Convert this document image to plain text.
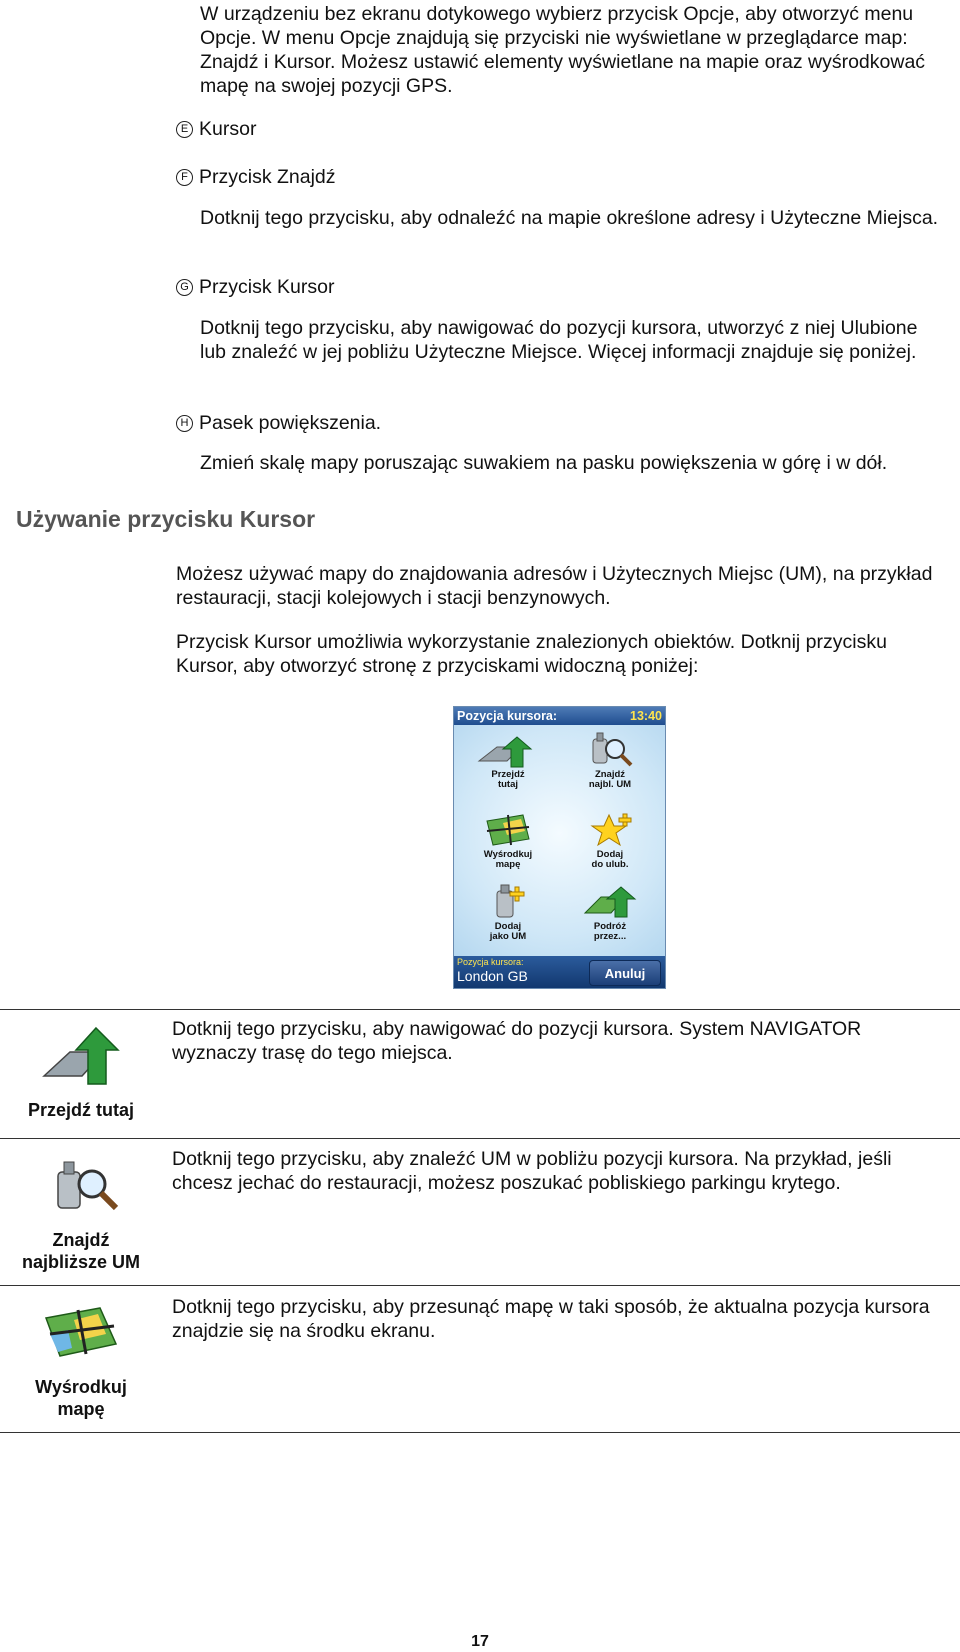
W urządzeniu bez ekranu dotykowego wybierz przycisk Opcje, aby otworzyć menu Opcje. W menu Opcje znajdują się przyciski nie wyświetlane w przeglądarce map: Znajdź i Kursor. Możesz ustawić elementy wyświetlane na mapie oraz wyśrodkować mapę na swojej pozycji GPS.
E Kursor
F Przycisk Znajdź
Dotknij tego przycisku, aby odnaleźć na mapie określone adresy i Użyteczne Miejsca.
G Przycisk Kursor
Dotknij tego przycisku, aby nawigować do pozycji kursora, utworzyć z niej Ulubione lub znaleźć w jej pobliżu Użyteczne Miejsce. Więcej informacji znajduje się poniżej.
H Pasek powiększenia.
Zmień skalę mapy poruszając suwakiem na pasku powiększenia w górę i w dół.
Używanie przycisku Kursor
Możesz używać mapy do znajdowania adresów i Użytecznych Miejsc (UM), na przykład restauracji, stacji kolejowych i stacji benzynowych.
Przycisk Kursor umożliwia wykorzystanie znalezionych obiektów. Dotknij przycisku Kursor, aby otworzyć stronę z przyciskami widoczną poniżej:
Pozycja kursora:	13:40
Przejdź
tutaj
Znajdź
najbl. UM
Wyśrodkuj
mapę
Dodaj
do ulub.
Dodaj
jako UM
Podróż
przez...
Pozycja kursora:
London GB	Anuluj
Przejdź tutaj
Dotknij tego przycisku, aby nawigować do pozycji kursora. System NAVIGATOR wyznaczy trasę do tego miejsca.
Znajdź
najbliższe UM
Dotknij tego przycisku, aby znaleźć UM w pobliżu pozycji kursora. Na przykład, jeśli chcesz jechać do restauracji, możesz poszukać pobliskiego parkingu krytego.
Wyśrodkuj
mapę
Dotknij tego przycisku, aby przesunąć mapę w taki sposób, że aktualna pozycja kursora znajdzie się na środku ekranu.
17
